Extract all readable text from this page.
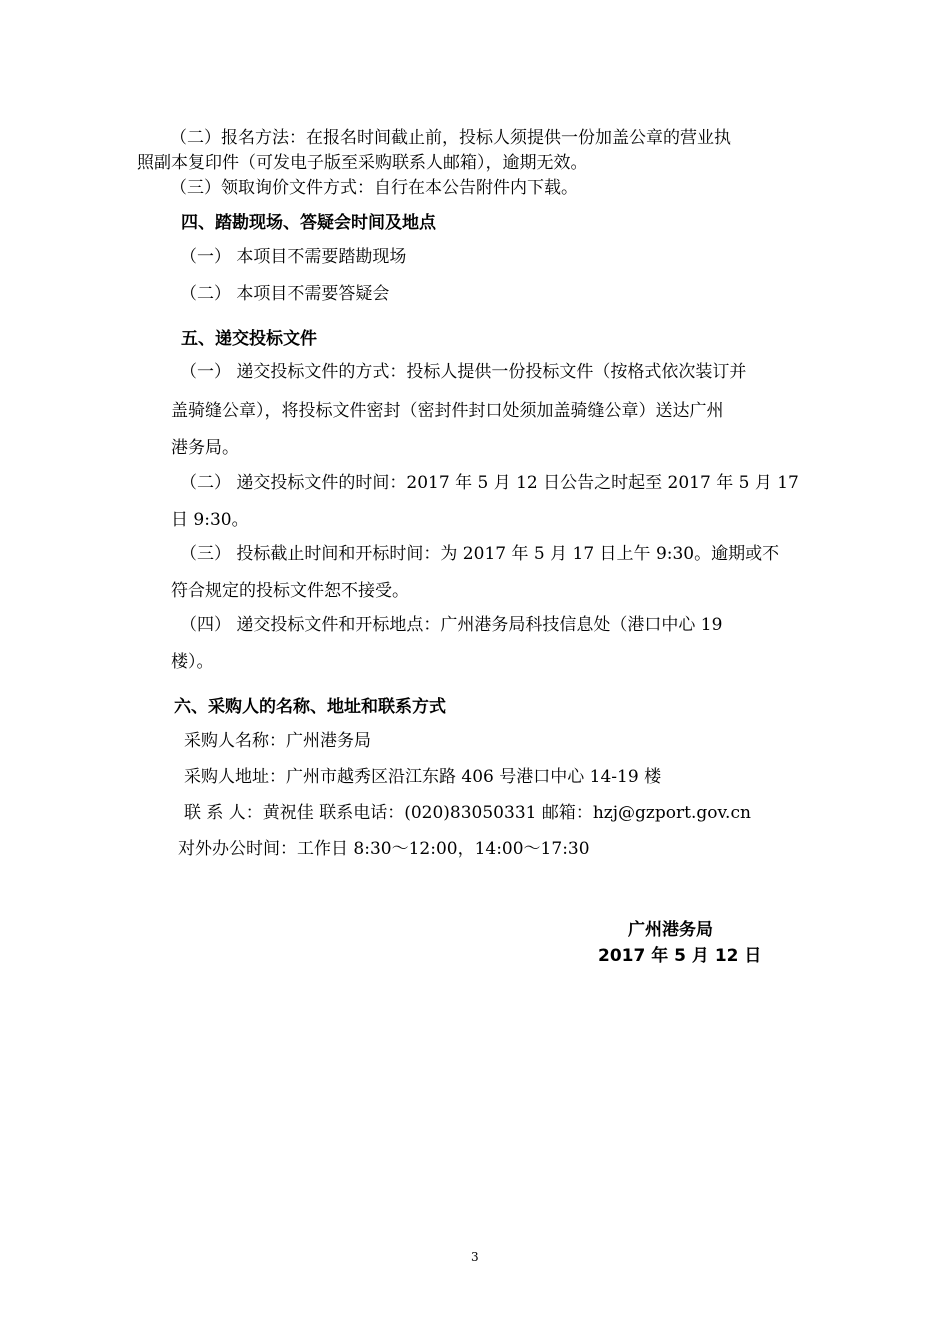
（二）报名方法：在报名时间截止前，投标人须提供一份加盖公章的营业执
照副本复印件（可发电子版至采购联系人邮箱），逾期无效。
（三）领取询价文件方式：自行在本公告附件内下载。
四、踏勘现场、答疑会时间及地点
（一） 本项目不需要踏勘现场
（二） 本项目不需要答疑会
五、递交投标文件
（一） 递交投标文件的方式：投标人提供一份投标文件（按格式依次装订并
盖骑缝公章），将投标文件密封（密封件封口处须加盖骑缝公章）送达广州
港务局。
（二） 递交投标文件的时间：2017 年 5 月 12 日公告之时起至 2017 年 5 月 17
日 9:30。
（三） 投标截止时间和开标时间：为 2017 年 5 月 17 日上午 9:30。逾期或不
符合规定的投标文件恕不接受。
（四） 递交投标文件和开标地点：广州港务局科技信息处（港口中心 19
楼）。
六、采购人的名称、地址和联系方式
采购人名称：广州港务局
采购人地址：广州市越秀区沿江东路 406 号港口中心 14-19 楼
联 系 人：黄祝佳 联系电话：(020)83050331 邮箱：hzj@gzport.gov.cn
对外办公时间：工作日 8:30～12:00，14:00～17:30
广州港务局
2017 年 5 月 12 日
3
